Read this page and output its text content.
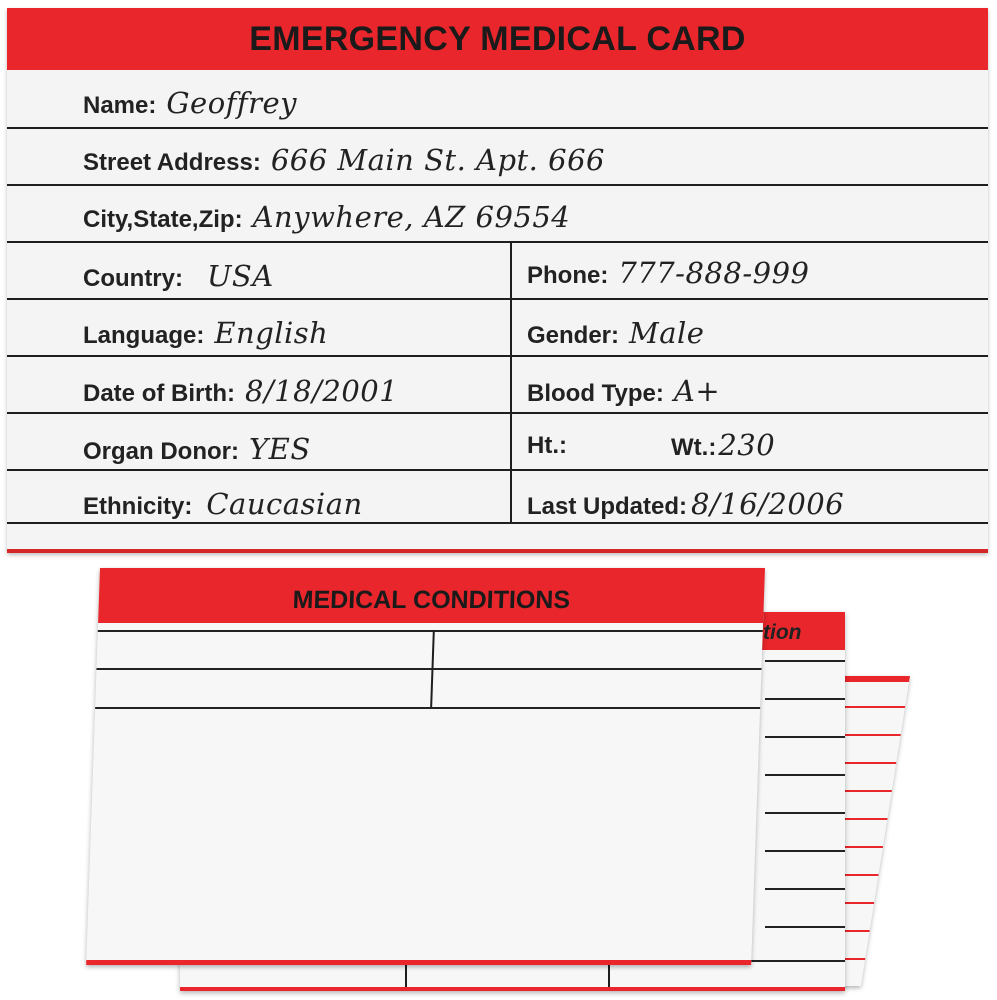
tion
MEDICAL CONDITIONS
EMERGENCY MEDICAL CARD
Name: Geoffrey
Street Address: 666 Main St. Apt. 666
City,State,Zip: Anywhere, AZ 69554
Country: USA	Phone: 777-888-999
Language: English	Gender: Male
Date of Birth: 8/18/2001	Blood Type: A+
Organ Donor: YES	Ht.:	Wt.: 230
Ethnicity: Caucasian	Last Updated: 8/16/2006
